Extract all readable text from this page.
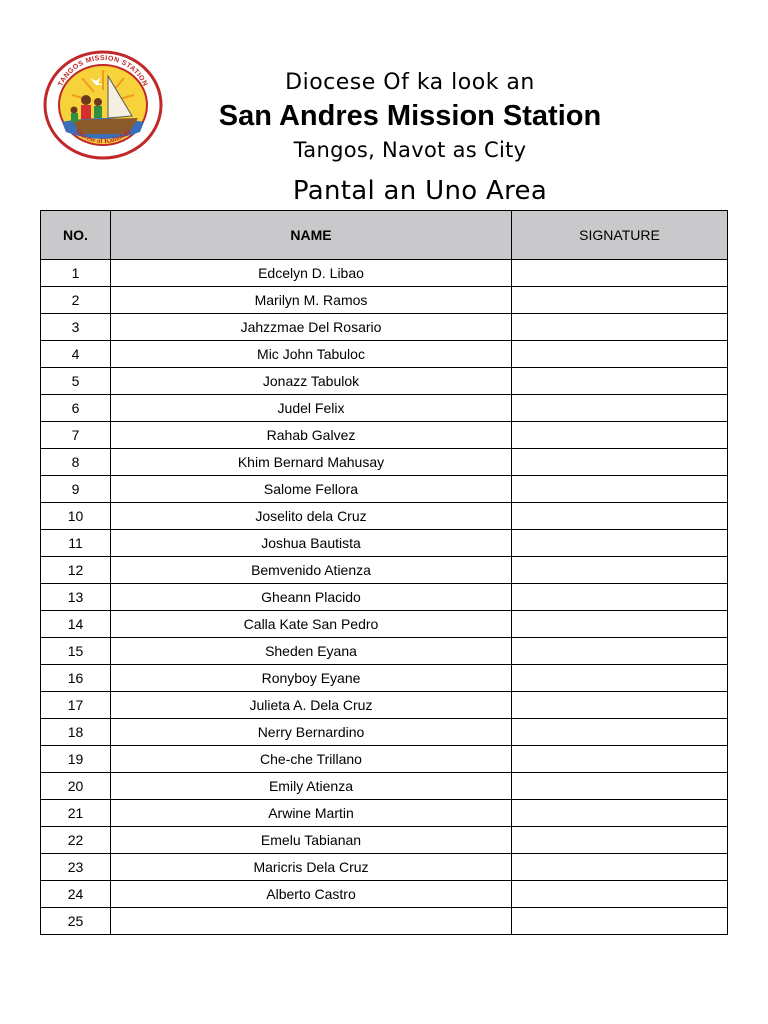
TANGOS MISSION STATION
Diocese of Kalookan
Diocese Of ka look an
San Andres Mission Station
Tangos, Navot as City
Pantal an Uno Area
NO.	NAME	SIGNATURE
1	Edcelyn D. Libao	
2	Marilyn M. Ramos	
3	Jahzzmae Del Rosario	
4	Mic John Tabuloc	
5	Jonazz Tabulok	
6	Judel Felix	
7	Rahab Galvez	
8	Khim Bernard Mahusay	
9	Salome Fellora	
10	Joselito dela Cruz	
11	Joshua Bautista	
12	Bemvenido Atienza	
13	Gheann Placido	
14	Calla Kate San Pedro	
15	Sheden Eyana	
16	Ronyboy Eyane	
17	Julieta A. Dela Cruz	
18	Nerry Bernardino	
19	Che-che Trillano	
20	Emily Atienza	
21	Arwine Martin	
22	Emelu Tabianan	
23	Maricris Dela Cruz	
24	Alberto Castro	
25		
